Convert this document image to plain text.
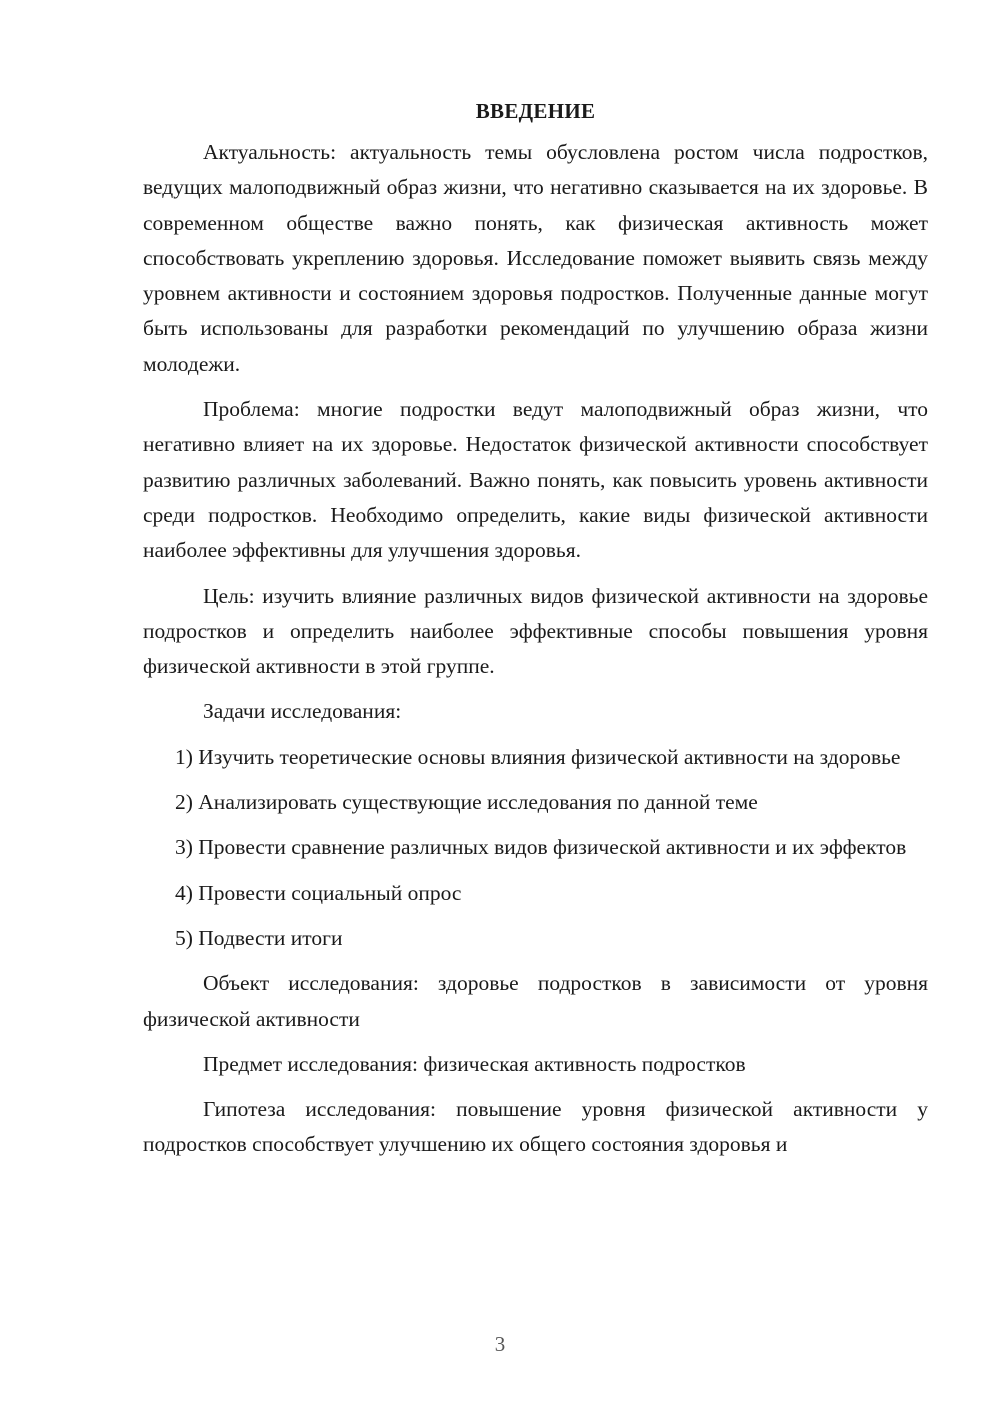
ВВЕДЕНИЕ

Актуальность: актуальность темы обусловлена ростом числа подростков, ведущих малоподвижный образ жизни, что негативно сказывается на их здоровье. В современном обществе важно понять, как физическая активность может способствовать укреплению здоровья. Исследование поможет выявить связь между уровнем активности и состоянием здоровья подростков. Полученные данные могут быть использованы для разработки рекомендаций по улучшению образа жизни молодежи.

Проблема: многие подростки ведут малоподвижный образ жизни, что негативно влияет на их здоровье. Недостаток физической активности способствует развитию различных заболеваний. Важно понять, как повысить уровень активности среди подростков. Необходимо определить, какие виды физической активности наиболее эффективны для улучшения здоровья.

Цель: изучить влияние различных видов физической активности на здоровье подростков и определить наиболее эффективные способы повышения уровня физической активности в этой группе.

Задачи исследования:

1) Изучить теоретические основы влияния физической активности на здоровье

2) Анализировать существующие исследования по данной теме

3) Провести сравнение различных видов физической активности и их эффектов

4) Провести социальный опрос

5) Подвести итоги

Объект исследования: здоровье подростков в зависимости от уровня физической активности

Предмет исследования: физическая активность подростков

Гипотеза исследования: повышение уровня физической активности у подростков способствует улучшению их общего состояния здоровья и

3
